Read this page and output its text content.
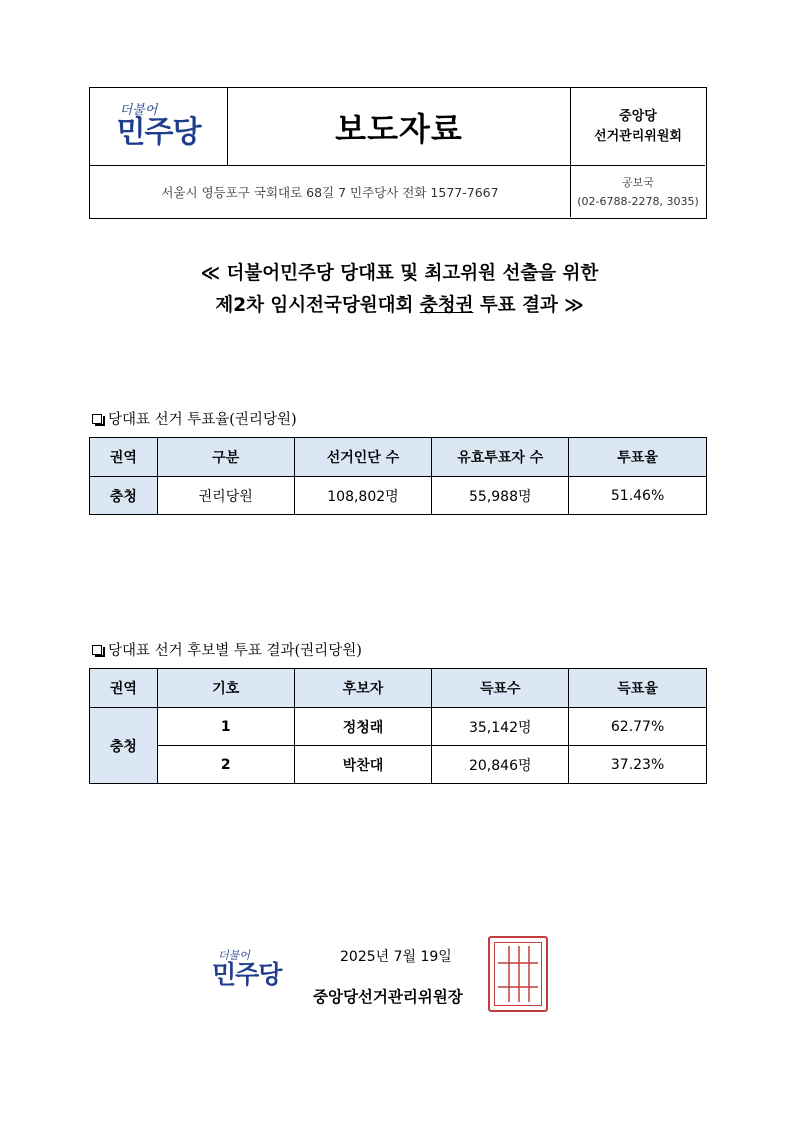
더불어
민주당	보도자료	중앙당
선거관리위원회
서울시 영등포구 국회대로 68길 7 민주당사 전화 1577-7667
공보국
(02-6788-2278, 3035)
≪ 더불어민주당 당대표 및 최고위원 선출을 위한
제2차 임시전국당원대회 충청권 투표 결과 ≫
당대표 선거 투표율(권리당원)
권역	구분	선거인단 수	유효투표자 수	투표율
충청	권리당원	108,802명	55,988명	51.46%
당대표 선거 후보별 투표 결과(권리당원)
권역	기호	후보자	득표수	득표율
충청	1	정청래	35,142명	62.77%
	2	박찬대	20,846명	37.23%
더불어
민주당
2025년 7월 19일
중앙당선거관리위원장
